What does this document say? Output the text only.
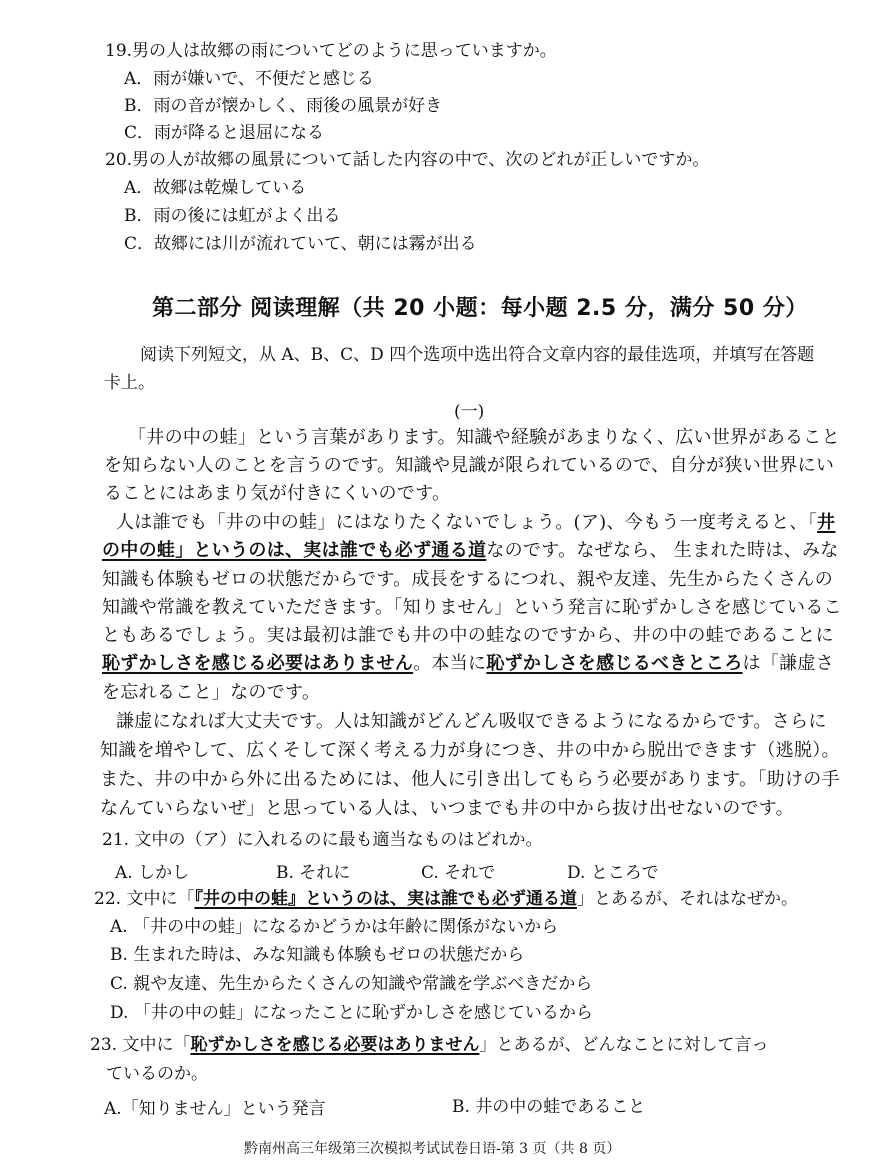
19.男の人は故郷の雨についてどのように思っていますか。
A．雨が嫌いで、不便だと感じる
B．雨の音が懐かしく、雨後の風景が好き
C．雨が降ると退屈になる
20.男の人が故郷の風景について話した内容の中で、次のどれが正しいですか。
A．故郷は乾燥している
B．雨の後には虹がよく出る
C．故郷には川が流れていて、朝には霧が出る
第二部分 阅读理解（共 20 小题：每小题 2.5 分，满分 50 分）
阅读下列短文，从 A、B、C、D 四个选项中选出符合文章内容的最佳选项，并填写在答题
卡上。
(一)
「井の中の蛙」という言葉があります。知識や経験があまりなく、広い世界があること
を知らない人のことを言うのです。知識や見識が限られているので、自分が狭い世界にい
ることにはあまり気が付きにくいのです。
人は誰でも「井の中の蛙」にはなりたくないでしょう。(ア)、今もう一度考えると、「井
の中の蛙」というのは、実は誰でも必ず通る道なのです。なぜなら、 生まれた時は、みな
知識も体験もゼロの状態だからです。成長をするにつれ、親や友達、先生からたくさんの
知識や常識を教えていただきます。「知りません」という発言に恥ずかしさを感じているこ
ともあるでしょう。実は最初は誰でも井の中の蛙なのですから、井の中の蛙であることに
恥ずかしさを感じる必要はありません。本当に恥ずかしさを感じるべきところは「謙虚さ
を忘れること」なのです。
謙虚になれば大丈夫です。人は知識がどんどん吸収できるようになるからです。さらに
知識を増やして、広くそして深く考える力が身につき、井の中から脱出できます（逃脱）。
また、井の中から外に出るためには、他人に引き出してもらう必要があります。「助けの手
なんていらないぜ」と思っている人は、いつまでも井の中から抜け出せないのです。
21. 文中の（ア）に入れるのに最も適当なものはどれか。
A. しかし	B. それに	C. それで	D. ところで
22. 文中に「『井の中の蛙』というのは、実は誰でも必ず通る道」とあるが、それはなぜか。
A. 「井の中の蛙」になるかどうかは年齢に関係がないから
B. 生まれた時は、みな知識も体験もゼロの状態だから
C. 親や友達、先生からたくさんの知識や常識を学ぶべきだから
D. 「井の中の蛙」になったことに恥ずかしさを感じているから
23. 文中に「恥ずかしさを感じる必要はありません」とあるが、どんなことに対して言っ
ているのか。
A.「知りません」という発言	B. 井の中の蛙であること
黔南州高三年级第三次模拟考试试卷日语-第 3 页（共 8 页）
